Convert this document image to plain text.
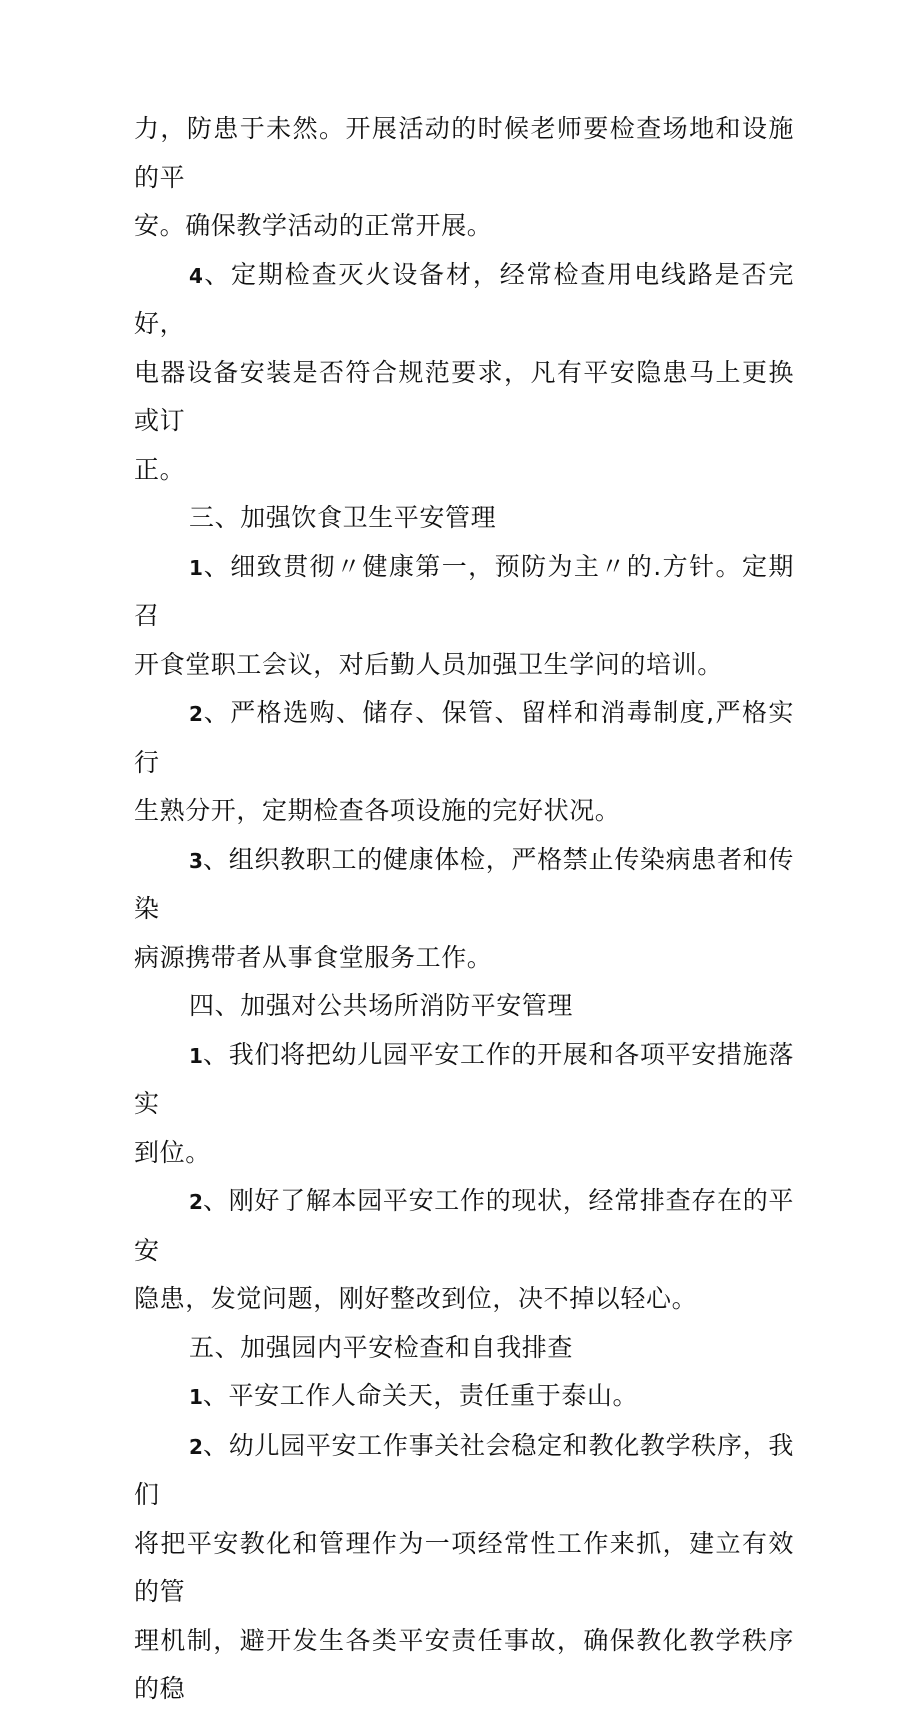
力，防患于未然。开展活动的时候老师要检查场地和设施的平
安。确保教学活动的正常开展。

4、定期检查灭火设备材，经常检查用电线路是否完好，
电器设备安装是否符合规范要求，凡有平安隐患马上更换或订
正。

三、加强饮食卫生平安管理

1、细致贯彻〃健康第一，预防为主〃的.方针。定期召
开食堂职工会议，对后勤人员加强卫生学问的培训。

2、严格选购、储存、保管、留样和消毒制度,严格实行
生熟分开，定期检查各项设施的完好状况。

3、组织教职工的健康体检，严格禁止传染病患者和传染
病源携带者从事食堂服务工作。

四、加强对公共场所消防平安管理

1、我们将把幼儿园平安工作的开展和各项平安措施落实
到位。

2、刚好了解本园平安工作的现状，经常排查存在的平安
隐患，发觉问题，刚好整改到位，决不掉以轻心。

五、加强园内平安检查和自我排查

1、平安工作人命关天，责任重于泰山。

2、幼儿园平安工作事关社会稳定和教化教学秩序，我们
将把平安教化和管理作为一项经常性工作来抓，建立有效的管
理机制，避开发生各类平安责任事故，确保教化教学秩序的稳
